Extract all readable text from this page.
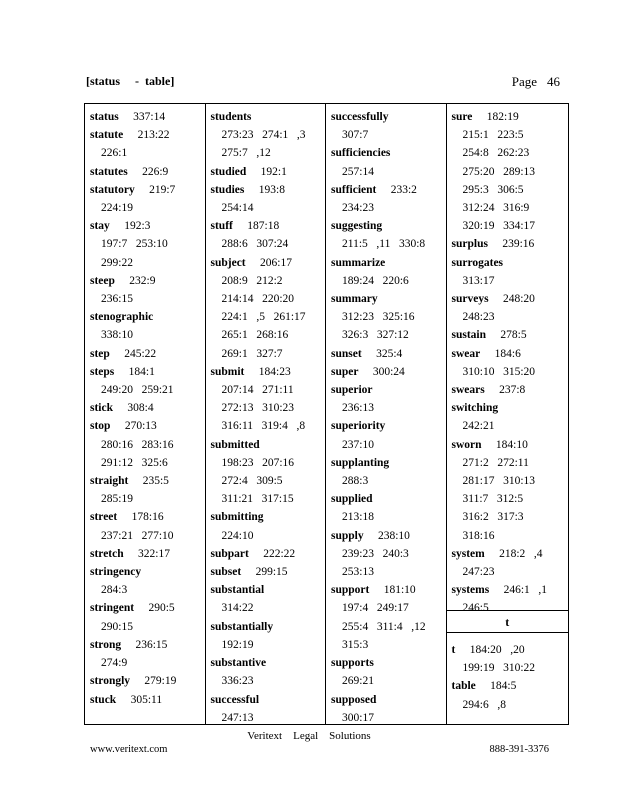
[status     -  table]	Page 46
status 337:14
statute 213:22
226:1
statutes 226:9
statutory 219:7
224:19
stay 192:3
197:7   253:10
299:22
steep 232:9
236:15
stenographic
338:10
step 245:22
steps 184:1
249:20   259:21
stick 308:4
stop 270:13
280:16   283:16
291:12   325:6
straight 235:5
285:19
street 178:16
237:21   277:10
stretch 322:17
stringency
284:3
stringent 290:5
290:15
strong 236:15
274:9
strongly 279:19
stuck 305:11
students
273:23   274:1   ,3
275:7   ,12
studied 192:1
studies 193:8
254:14
stuff 187:18
288:6   307:24
subject 206:17
208:9   212:2
214:14   220:20
224:1   ,5   261:17
265:1   268:16
269:1   327:7
submit 184:23
207:14   271:11
272:13   310:23
316:11   319:4   ,8
submitted
198:23   207:16
272:4   309:5
311:21   317:15
submitting
224:10
subpart 222:22
subset 299:15
substantial
314:22
substantially
192:19
substantive
336:23
successful
247:13
successfully
307:7
sufficiencies
257:14
sufficient 233:2
234:23
suggesting
211:5   ,11   330:8
summarize
189:24   220:6
summary
312:23   325:16
326:3   327:12
sunset 325:4
super 300:24
superior
236:13
superiority
237:10
supplanting
288:3
supplied
213:18
supply 238:10
239:23   240:3
253:13
support 181:10
197:4   249:17
255:4   311:4   ,12
315:3
supports
269:21
supposed
300:17
sure 182:19
215:1   223:5
254:8   262:23
275:20   289:13
295:3   306:5
312:24   316:9
320:19   334:17
surplus 239:16
surrogates
313:17
surveys 248:20
248:23
sustain 278:5
swear 184:6
310:10   315:20
swears 237:8
switching
242:21
sworn 184:10
271:2   272:11
281:17   310:13
311:7   312:5
316:2   317:3
318:16
system 218:2   ,4
247:23
systems 246:1   ,1
246:5
t
t 184:20   ,20
199:19   310:22
table 184:5
294:6   ,8
Veritext    Legal    Solutions
www.veritext.com	888-391-3376
